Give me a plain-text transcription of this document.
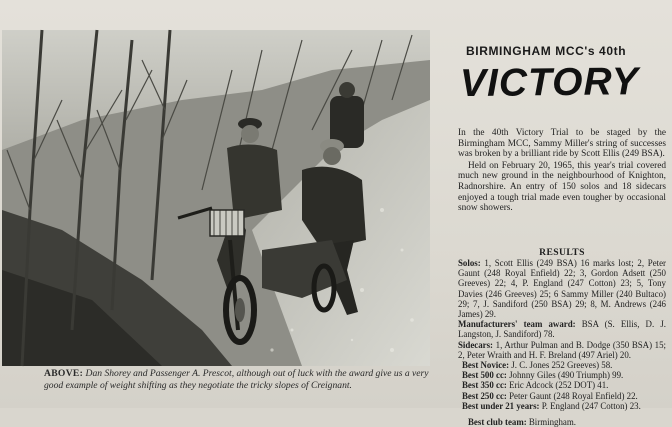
ABOVE: Dan Shorey and Passenger A. Prescot, although out of luck with the award give us a very good example of weight shifting as they negotiate the tricky slopes of Creignant.
BIRMINGHAM MCC's 40th
VICTORY

In the 40th Victory Trial to be staged by the Birmingham MCC, Sammy Miller's string of successes was broken by a brilliant ride by Scott Ellis (249 BSA).

Held on February 20, 1965, this year's trial covered much new ground in the neighbourhood of Knighton, Radnorshire. An entry of 150 solos and 18 sidecars enjoyed a tough trial made even tougher by occasional snow showers.

RESULTS

Solos: 1, Scott Ellis (249 BSA) 16 marks lost; 2, Peter Gaunt (248 Royal Enfield) 22; 3, Gordon Adsett (250 Greeves) 22; 4, P. England (247 Cotton) 23; 5, Tony Davies (246 Greeves) 25; 6 Sammy Miller (240 Bultaco) 29; 7, J. Sandiford (250 BSA) 29; 8, M. Andrews (246 James) 29.

Manufacturers' team award: BSA (S. Ellis, D. J. Langston, J. Sandiford) 78.

Sidecars: 1, Arthur Pulman and B. Dodge (350 BSA) 15; 2, Peter Wraith and H. F. Breland (497 Ariel) 20.

Best Novice: J. C. Jones 252 Greeves) 58.

Best 500 cc: Johnny Giles (490 Triumph) 99.

Best 350 cc: Eric Adcock (252 DOT) 41.

Best 250 cc: Peter Gaunt (248 Royal Enfield) 22.

Best under 21 years: P. England (247 Cotton) 23.

Best club team: Birmingham.
